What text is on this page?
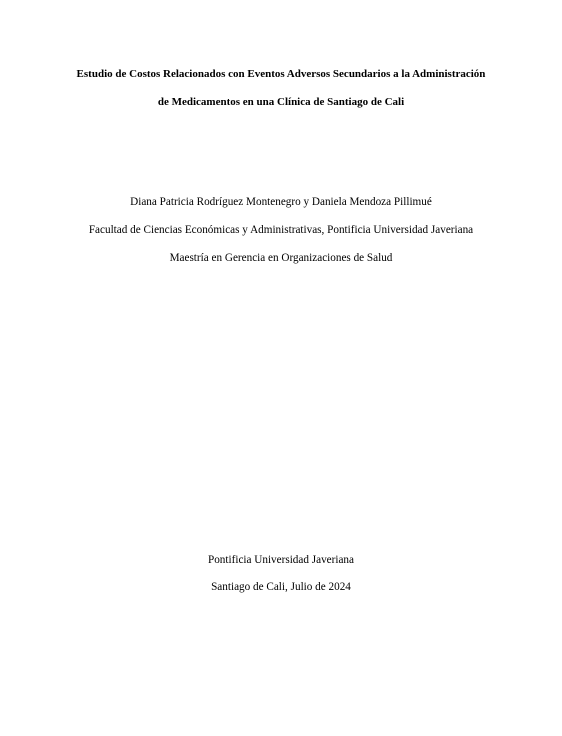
Estudio de Costos Relacionados con Eventos Adversos Secundarios a la Administración
de Medicamentos en una Clínica de Santiago de Cali
Diana Patricia Rodríguez Montenegro y Daniela Mendoza Pillimué
Facultad de Ciencias Económicas y Administrativas, Pontificia Universidad Javeriana
Maestría en Gerencia en Organizaciones de Salud
Pontificia Universidad Javeriana
Santiago de Cali, Julio de 2024
